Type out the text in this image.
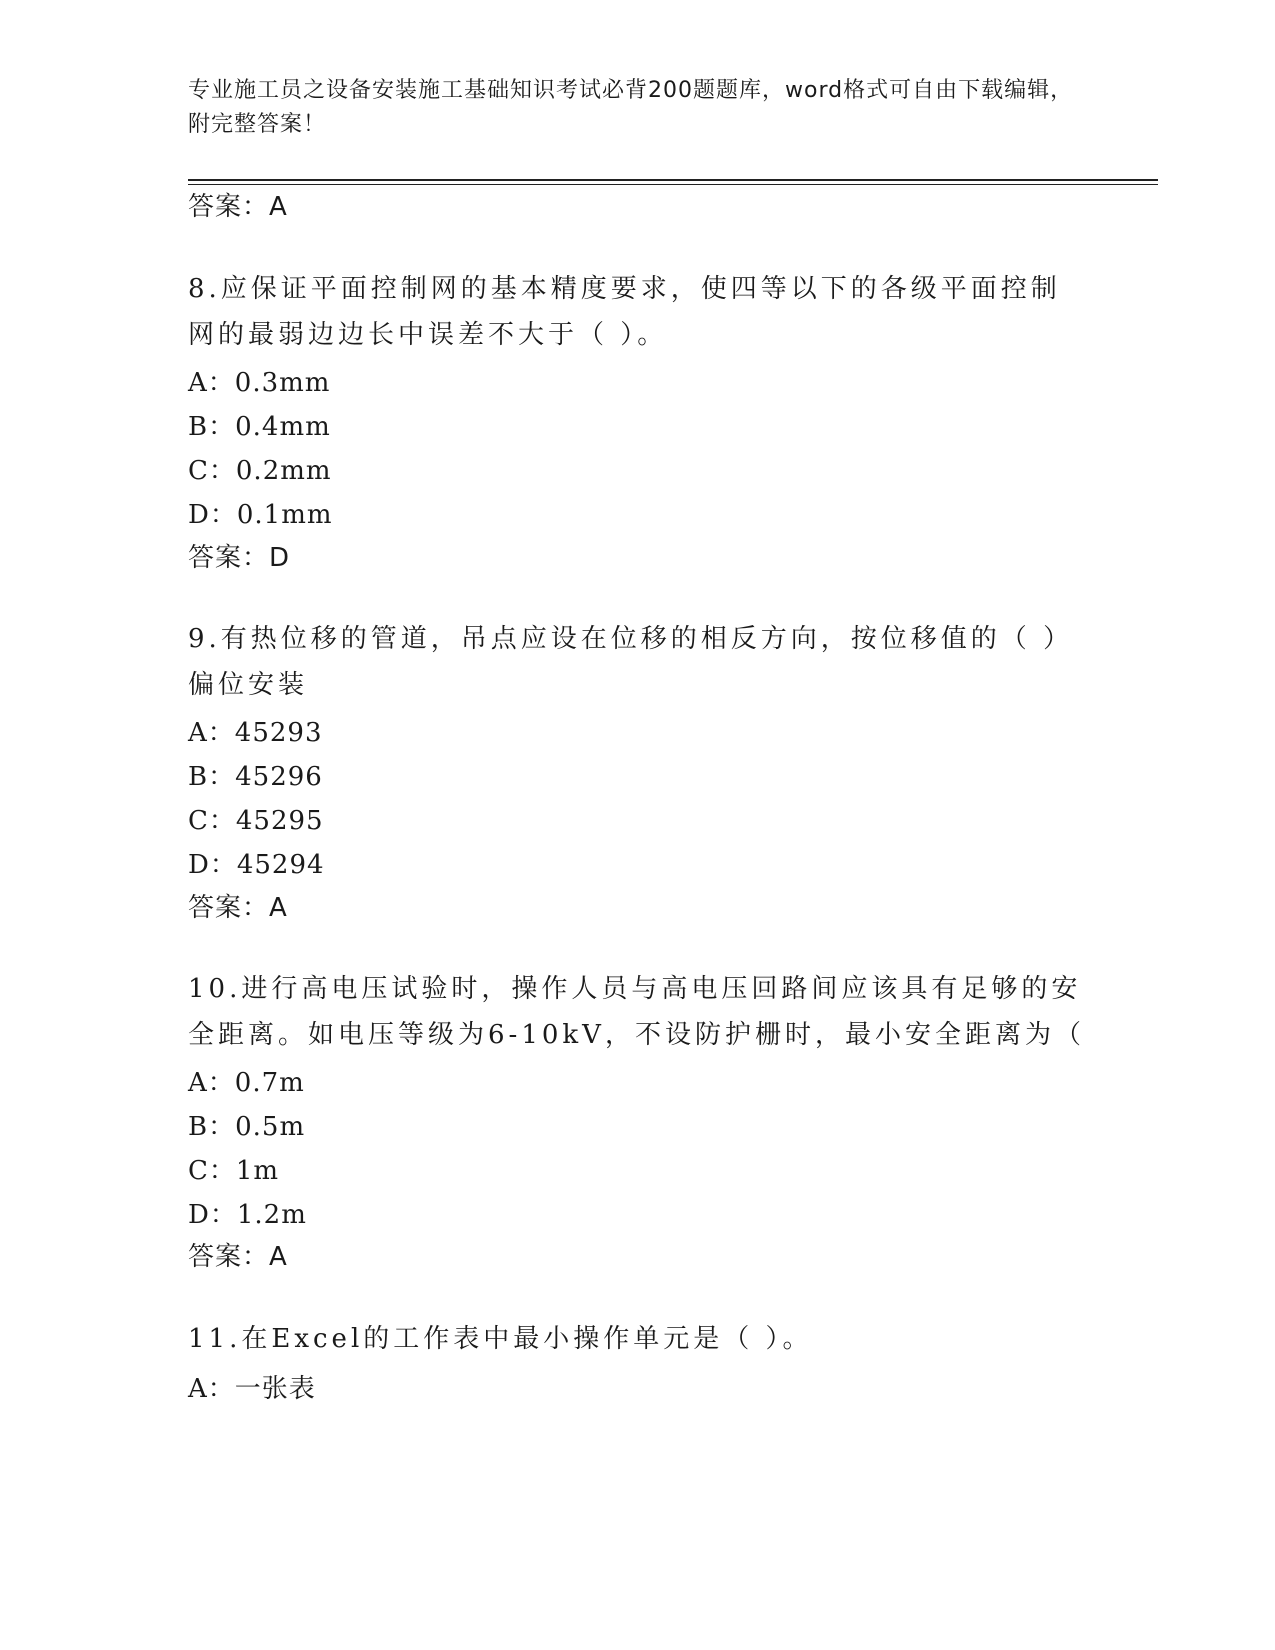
专业施工员之设备安装施工基础知识考试必背200题题库，word格式可自由下载编辑，附完整答案！
答案：A
8.应保证平面控制网的基本精度要求，使四等以下的各级平面控制网的最弱边边长中误差不大于（ ）。
A：0.3mm
B：0.4mm
C：0.2mm
D：0.1mm
答案：D
9.有热位移的管道，吊点应设在位移的相反方向，按位移值的（ ）偏位安装
A：45293
B：45296
C：45295
D：45294
答案：A
10.进行高电压试验时，操作人员与高电压回路间应该具有足够的安全距离。如电压等级为6-10kV，不设防护栅时，最小安全距离为（
A：0.7m
B：0.5m
C：1m
D：1.2m
答案：A
11.在Excel的工作表中最小操作单元是（ ）。
A：一张表
